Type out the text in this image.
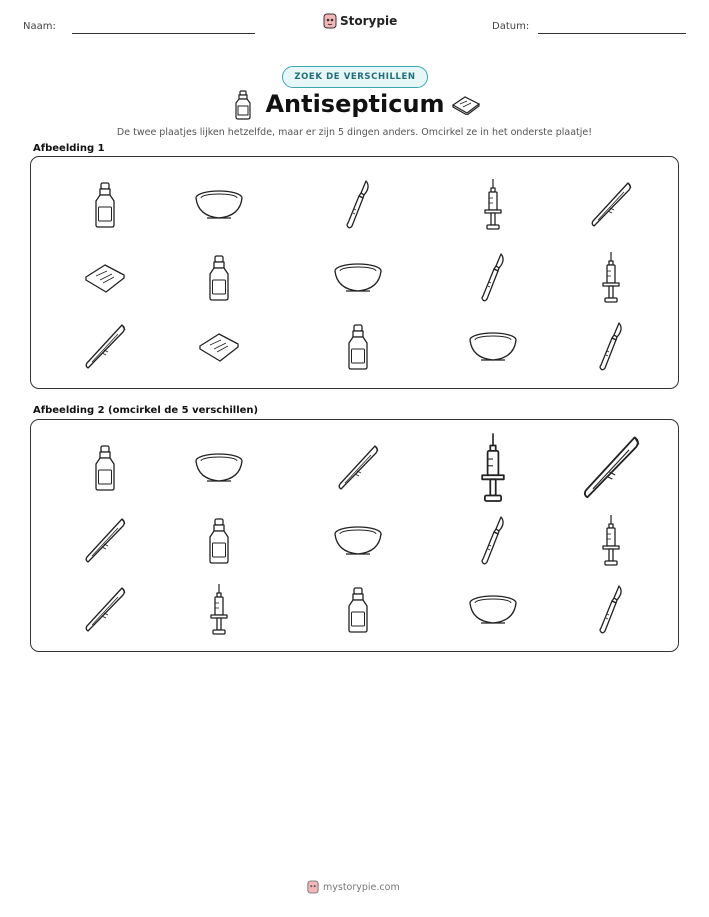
Naam:	Storypie	Datum:
ZOEK DE VERSCHILLEN
Antisepticum
De twee plaatjes lijken hetzelfde, maar er zijn 5 dingen anders. Omcirkel ze in het onderste plaatje!
Afbeelding 1
Afbeelding 2 (omcirkel de 5 verschillen)
mystorypie.com
